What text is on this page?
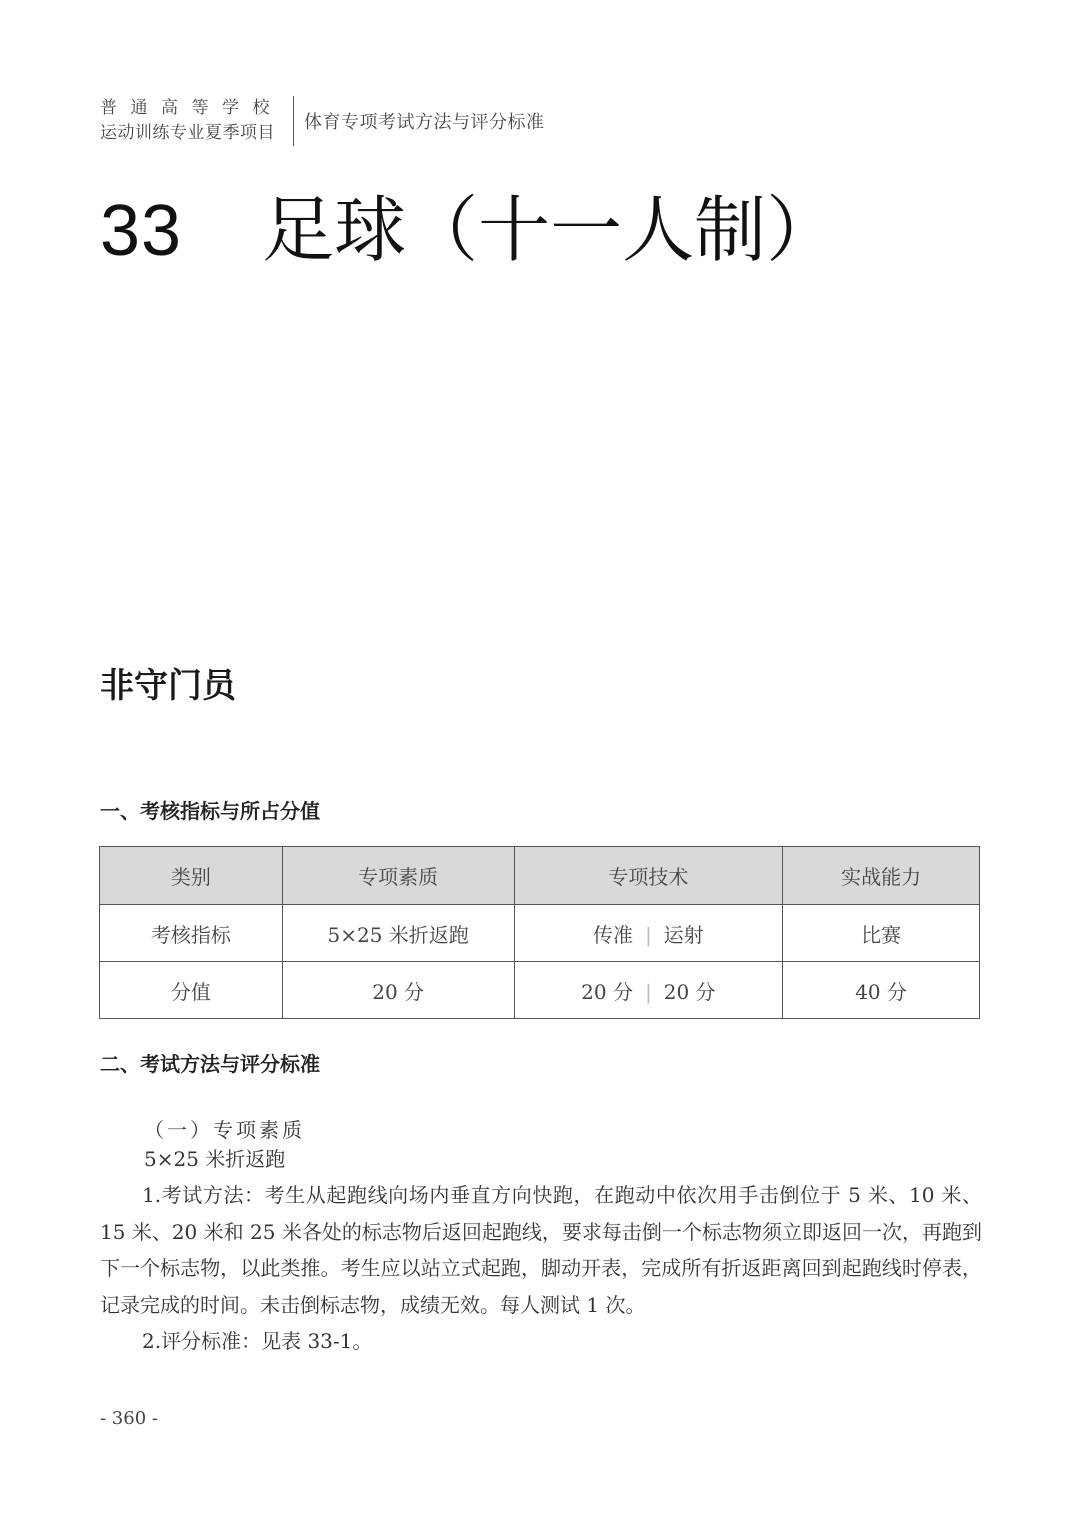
普通高等学校
运动训练专业夏季项目	体育专项考试方法与评分标准
33 足球（十一人制）
非守门员
一、考核指标与所占分值
类别	专项素质	专项技术	实战能力
考核指标	5×25 米折返跑	传准 | 运射	比赛
分值	20 分	20 分 | 20 分	40 分
二、考试方法与评分标准
（一）专项素质
5×25 米折返跑
1.考试方法：考生从起跑线向场内垂直方向快跑，在跑动中依次用手击倒位于 5 米、10 米、15 米、20 米和 25 米各处的标志物后返回起跑线，要求每击倒一个标志物须立即返回一次，再跑到下一个标志物，以此类推。考生应以站立式起跑，脚动开表，完成所有折返距离回到起跑线时停表，记录完成的时间。未击倒标志物，成绩无效。每人测试 1 次。
2.评分标准：见表 33-1。
- 360 -
